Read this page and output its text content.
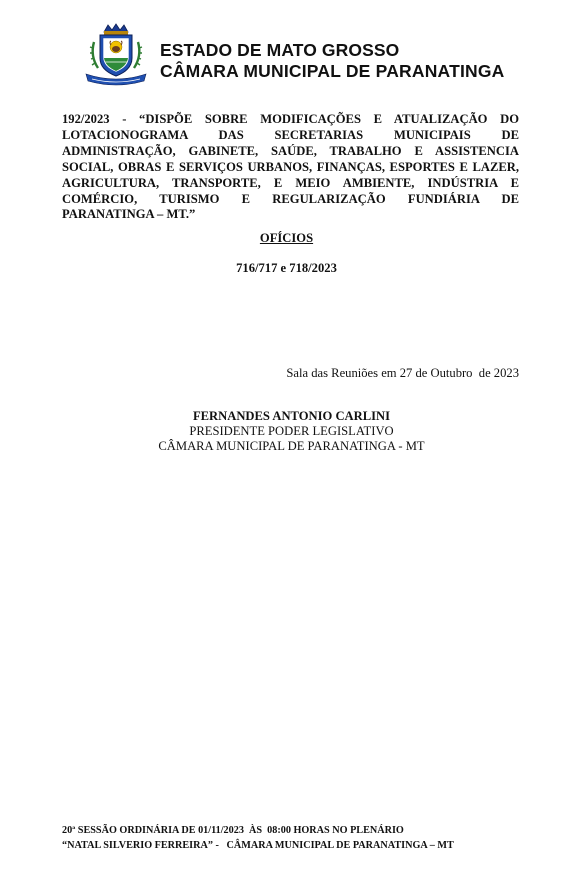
ESTADO DE MATO GROSSO
CÂMARA MUNICIPAL DE PARANATINGA
192/2023 - “DISPÕE SOBRE MODIFICAÇÕES E ATUALIZAÇÃO DO LOTACIONOGRAMA DAS SECRETARIAS MUNICIPAIS DE ADMINISTRAÇÃO, GABINETE, SAÚDE, TRABALHO E ASSISTENCIA SOCIAL, OBRAS E SERVIÇOS URBANOS, FINANÇAS, ESPORTES E LAZER, AGRICULTURA, TRANSPORTE, E MEIO AMBIENTE, INDÚSTRIA E COMÉRCIO, TURISMO E REGULARIZAÇÃO FUNDIÁRIA DE PARANATINGA – MT.”
OFÍCIOS
716/717 e 718/2023
Sala das Reuniões em 27 de Outubro  de 2023
FERNANDES ANTONIO CARLINI
PRESIDENTE PODER LEGISLATIVO
CÂMARA MUNICIPAL DE PARANATINGA - MT
20ª SESSÃO ORDINÁRIA DE 01/11/2023  ÀS  08:00 HORAS NO PLENÁRIO
“NATAL SILVERIO FERREIRA” -   CÂMARA MUNICIPAL DE PARANATINGA – MT
